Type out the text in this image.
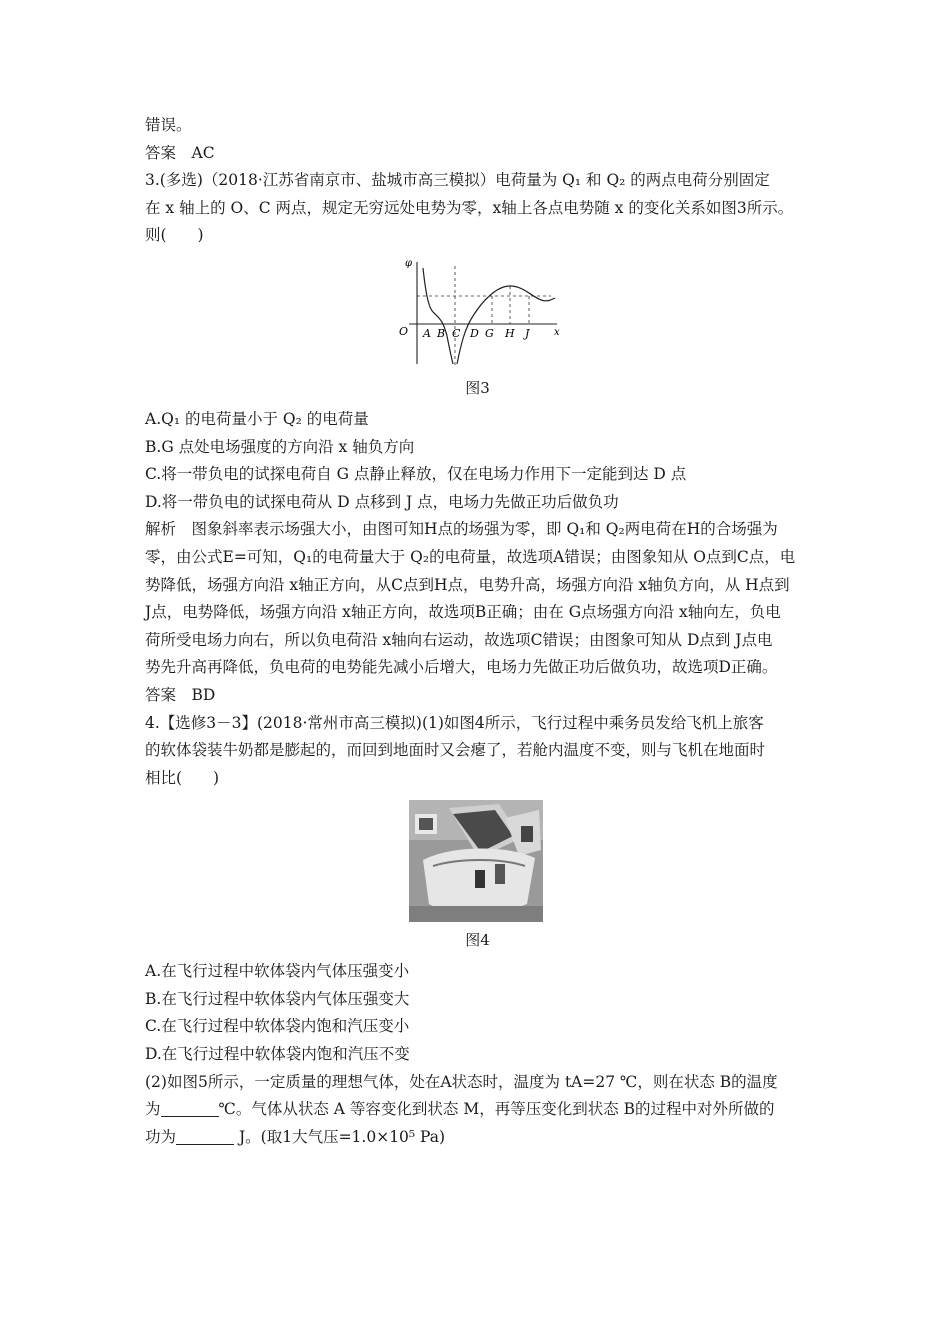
错误。
答案　AC
3.(多选)（2018·江苏省南京市、盐城市高三模拟）电荷量为 Q₁ 和 Q₂ 的两点电荷分别固定
在 x 轴上的 O、C 两点，规定无穷远处电势为零，x轴上各点电势随 x 的变化关系如图3所示。
则(　　)
φ
O	x
A B C D G H J
图3
A.Q₁ 的电荷量小于 Q₂ 的电荷量
B.G 点处电场强度的方向沿 x 轴负方向
C.将一带负电的试探电荷自 G 点静止释放，仅在电场力作用下一定能到达 D 点
D.将一带负电的试探电荷从 D 点移到 J 点，电场力先做正功后做负功
解析　图象斜率表示场强大小，由图可知H点的场强为零，即 Q₁和 Q₂两电荷在H的合场强为
零，由公式E=可知，Q₁的电荷量大于 Q₂的电荷量，故选项A错误；由图象知从 O点到C点，电
势降低，场强方向沿 x轴正方向，从C点到H点，电势升高，场强方向沿 x轴负方向，从 H点到
J点，电势降低，场强方向沿 x轴正方向，故选项B正确；由在 G点场强方向沿 x轴向左，负电
荷所受电场力向右，所以负电荷沿 x轴向右运动，故选项C错误；由图象可知从 D点到 J点电
势先升高再降低，负电荷的电势能先减小后增大，电场力先做正功后做负功，故选项D正确。
答案　BD
4.【选修3－3】(2018·常州市高三模拟)(1)如图4所示，飞行过程中乘务员发给飞机上旅客
的软体袋装牛奶都是膨起的，而回到地面时又会瘪了，若舱内温度不变，则与飞机在地面时
相比(　　)
图4
A.在飞行过程中软体袋内气体压强变小
B.在飞行过程中软体袋内气体压强变大
C.在飞行过程中软体袋内饱和汽压变小
D.在飞行过程中软体袋内饱和汽压不变
(2)如图5所示，一定质量的理想气体，处在A状态时，温度为 tA=27 ℃，则在状态 B的温度
为	℃。气体从状态 A 等容变化到状态 M，再等压变化到状态 B的过程中对外所做的
功为	J。(取1大气压=1.0×10⁵ Pa)
